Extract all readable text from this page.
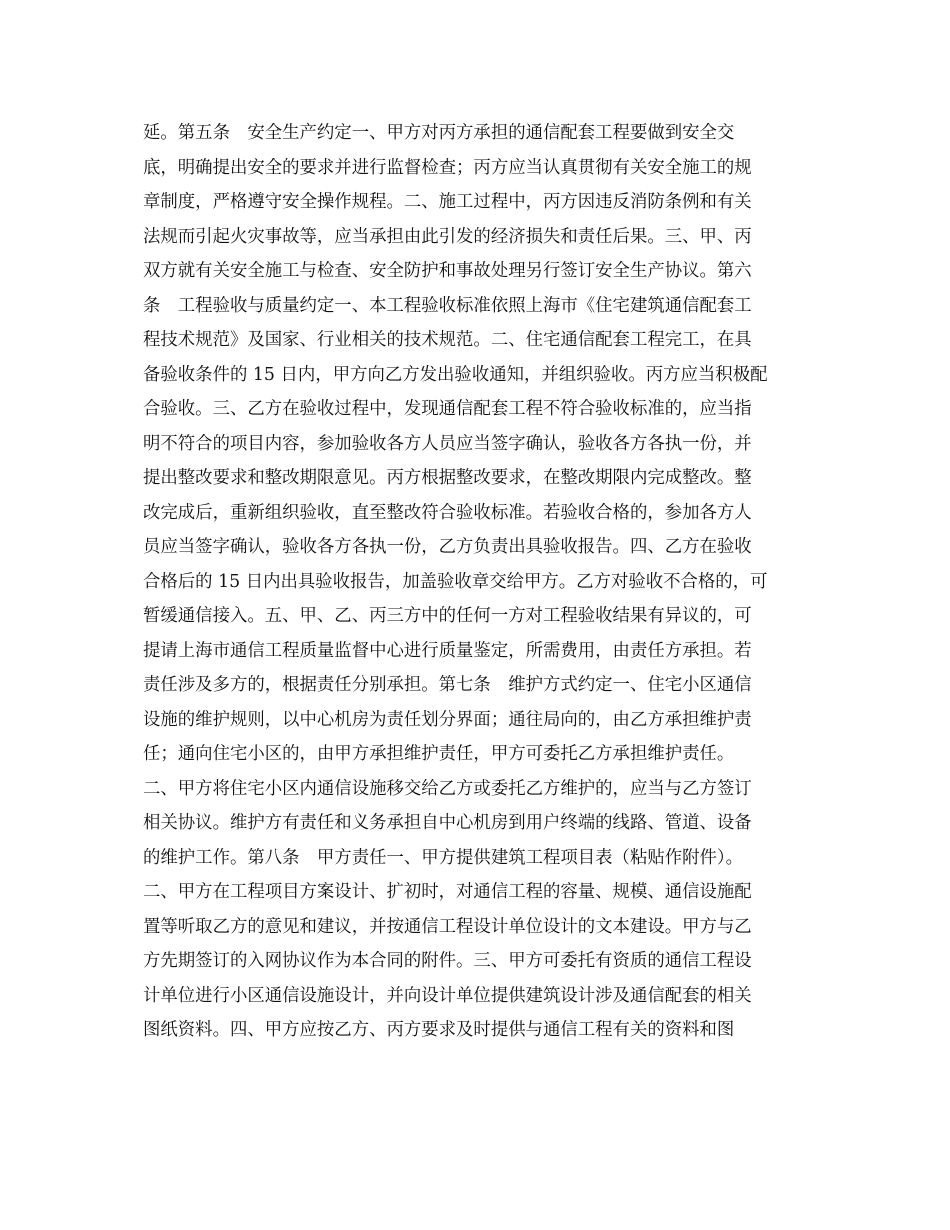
延。第五条　安全生产约定一、甲方对丙方承担的通信配套工程要做到安全交
底，明确提出安全的要求并进行监督检查；丙方应当认真贯彻有关安全施工的规
章制度，严格遵守安全操作规程。二、施工过程中，丙方因违反消防条例和有关
法规而引起火灾事故等，应当承担由此引发的经济损失和责任后果。三、甲、丙
双方就有关安全施工与检查、安全防护和事故处理另行签订安全生产协议。第六
条　工程验收与质量约定一、本工程验收标准依照上海市《住宅建筑通信配套工
程技术规范》及国家、行业相关的技术规范。二、住宅通信配套工程完工，在具
备验收条件的 15 日内，甲方向乙方发出验收通知，并组织验收。丙方应当积极配
合验收。三、乙方在验收过程中，发现通信配套工程不符合验收标准的，应当指
明不符合的项目内容，参加验收各方人员应当签字确认，验收各方各执一份，并
提出整改要求和整改期限意见。丙方根据整改要求，在整改期限内完成整改。整
改完成后，重新组织验收，直至整改符合验收标准。若验收合格的，参加各方人
员应当签字确认，验收各方各执一份，乙方负责出具验收报告。四、乙方在验收
合格后的 15 日内出具验收报告，加盖验收章交给甲方。乙方对验收不合格的，可
暂缓通信接入。五、甲、乙、丙三方中的任何一方对工程验收结果有异议的，可
提请上海市通信工程质量监督中心进行质量鉴定，所需费用，由责任方承担。若
责任涉及多方的，根据责任分别承担。第七条　维护方式约定一、住宅小区通信
设施的维护规则，以中心机房为责任划分界面；通往局向的，由乙方承担维护责
任；通向住宅小区的，由甲方承担维护责任，甲方可委托乙方承担维护责任。
二、甲方将住宅小区内通信设施移交给乙方或委托乙方维护的，应当与乙方签订
相关协议。维护方有责任和义务承担自中心机房到用户终端的线路、管道、设备
的维护工作。第八条　甲方责任一、甲方提供建筑工程项目表（粘贴作附件）。
二、甲方在工程项目方案设计、扩初时，对通信工程的容量、规模、通信设施配
置等听取乙方的意见和建议，并按通信工程设计单位设计的文本建设。甲方与乙
方先期签订的入网协议作为本合同的附件。三、甲方可委托有资质的通信工程设
计单位进行小区通信设施设计，并向设计单位提供建筑设计涉及通信配套的相关
图纸资料。四、甲方应按乙方、丙方要求及时提供与通信工程有关的资料和图
